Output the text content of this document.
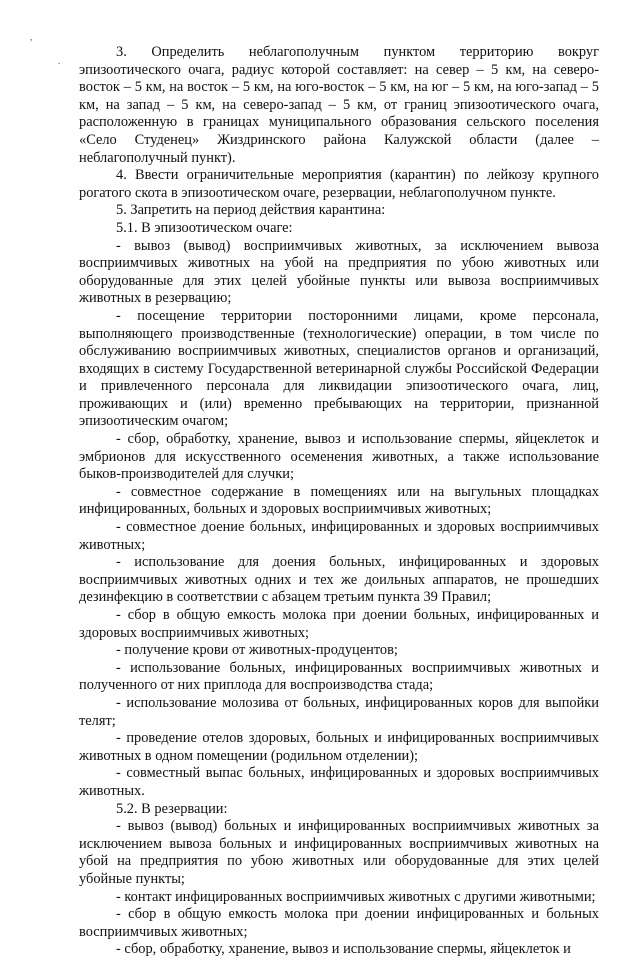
,
.

3. Определить неблагополучным пунктом территорию вокруг эпизоотического очага, радиус которой составляет: на север – 5 км, на северо-восток – 5 км, на восток – 5 км, на юго-восток – 5 км, на юг – 5 км, на юго-запад – 5 км, на запад – 5 км, на северо-запад – 5 км, от границ эпизоотического очага, расположенную в границах муниципального образования сельского поселения «Село Студенец» Жиздринского района Калужской области (далее – неблагополучный пункт).

4. Ввести ограничительные мероприятия (карантин) по лейкозу крупного рогатого скота в эпизоотическом очаге, резервации, неблагополучном пункте.

5. Запретить на период действия карантина:

5.1. В эпизоотическом очаге:

- вывоз (вывод) восприимчивых животных, за исключением вывоза восприимчивых животных на убой на предприятия по убою животных или оборудованные для этих целей убойные пункты или вывоза восприимчивых животных в резервацию;

- посещение территории посторонними лицами, кроме персонала, выполняющего производственные (технологические) операции, в том числе по обслуживанию восприимчивых животных, специалистов органов и организаций, входящих в систему Государственной ветеринарной службы Российской Федерации и привлеченного персонала для ликвидации эпизоотического очага, лиц, проживающих и (или) временно пребывающих на территории, признанной эпизоотическим очагом;

- сбор, обработку, хранение, вывоз и использование спермы, яйцеклеток и эмбрионов для искусственного осеменения животных, а также использование быков-производителей для случки;

- совместное содержание в помещениях или на выгульных площадках инфицированных, больных и здоровых восприимчивых животных;

- совместное доение больных, инфицированных и здоровых восприимчивых животных;

- использование для доения больных, инфицированных и здоровых восприимчивых животных одних и тех же доильных аппаратов, не прошедших дезинфекцию в соответствии с абзацем третьим пункта 39 Правил;

- сбор в общую емкость молока при доении больных, инфицированных и здоровых восприимчивых животных;

- получение крови от животных-продуцентов;

- использование больных, инфицированных восприимчивых животных и полученного от них приплода для воспроизводства стада;

- использование молозива от больных, инфицированных коров для выпойки телят;

- проведение отелов здоровых, больных и инфицированных восприимчивых животных в одном помещении (родильном отделении);

- совместный выпас больных, инфицированных и здоровых восприимчивых животных.

5.2. В резервации:

- вывоз (вывод) больных и инфицированных восприимчивых животных за исключением вывоза больных и инфицированных восприимчивых животных на убой на предприятия по убою животных или оборудованные для этих целей убойные пункты;

- контакт инфицированных восприимчивых животных с другими животными;

- сбор в общую емкость молока при доении инфицированных и больных восприимчивых животных;

- сбор, обработку, хранение, вывоз и использование спермы, яйцеклеток и
